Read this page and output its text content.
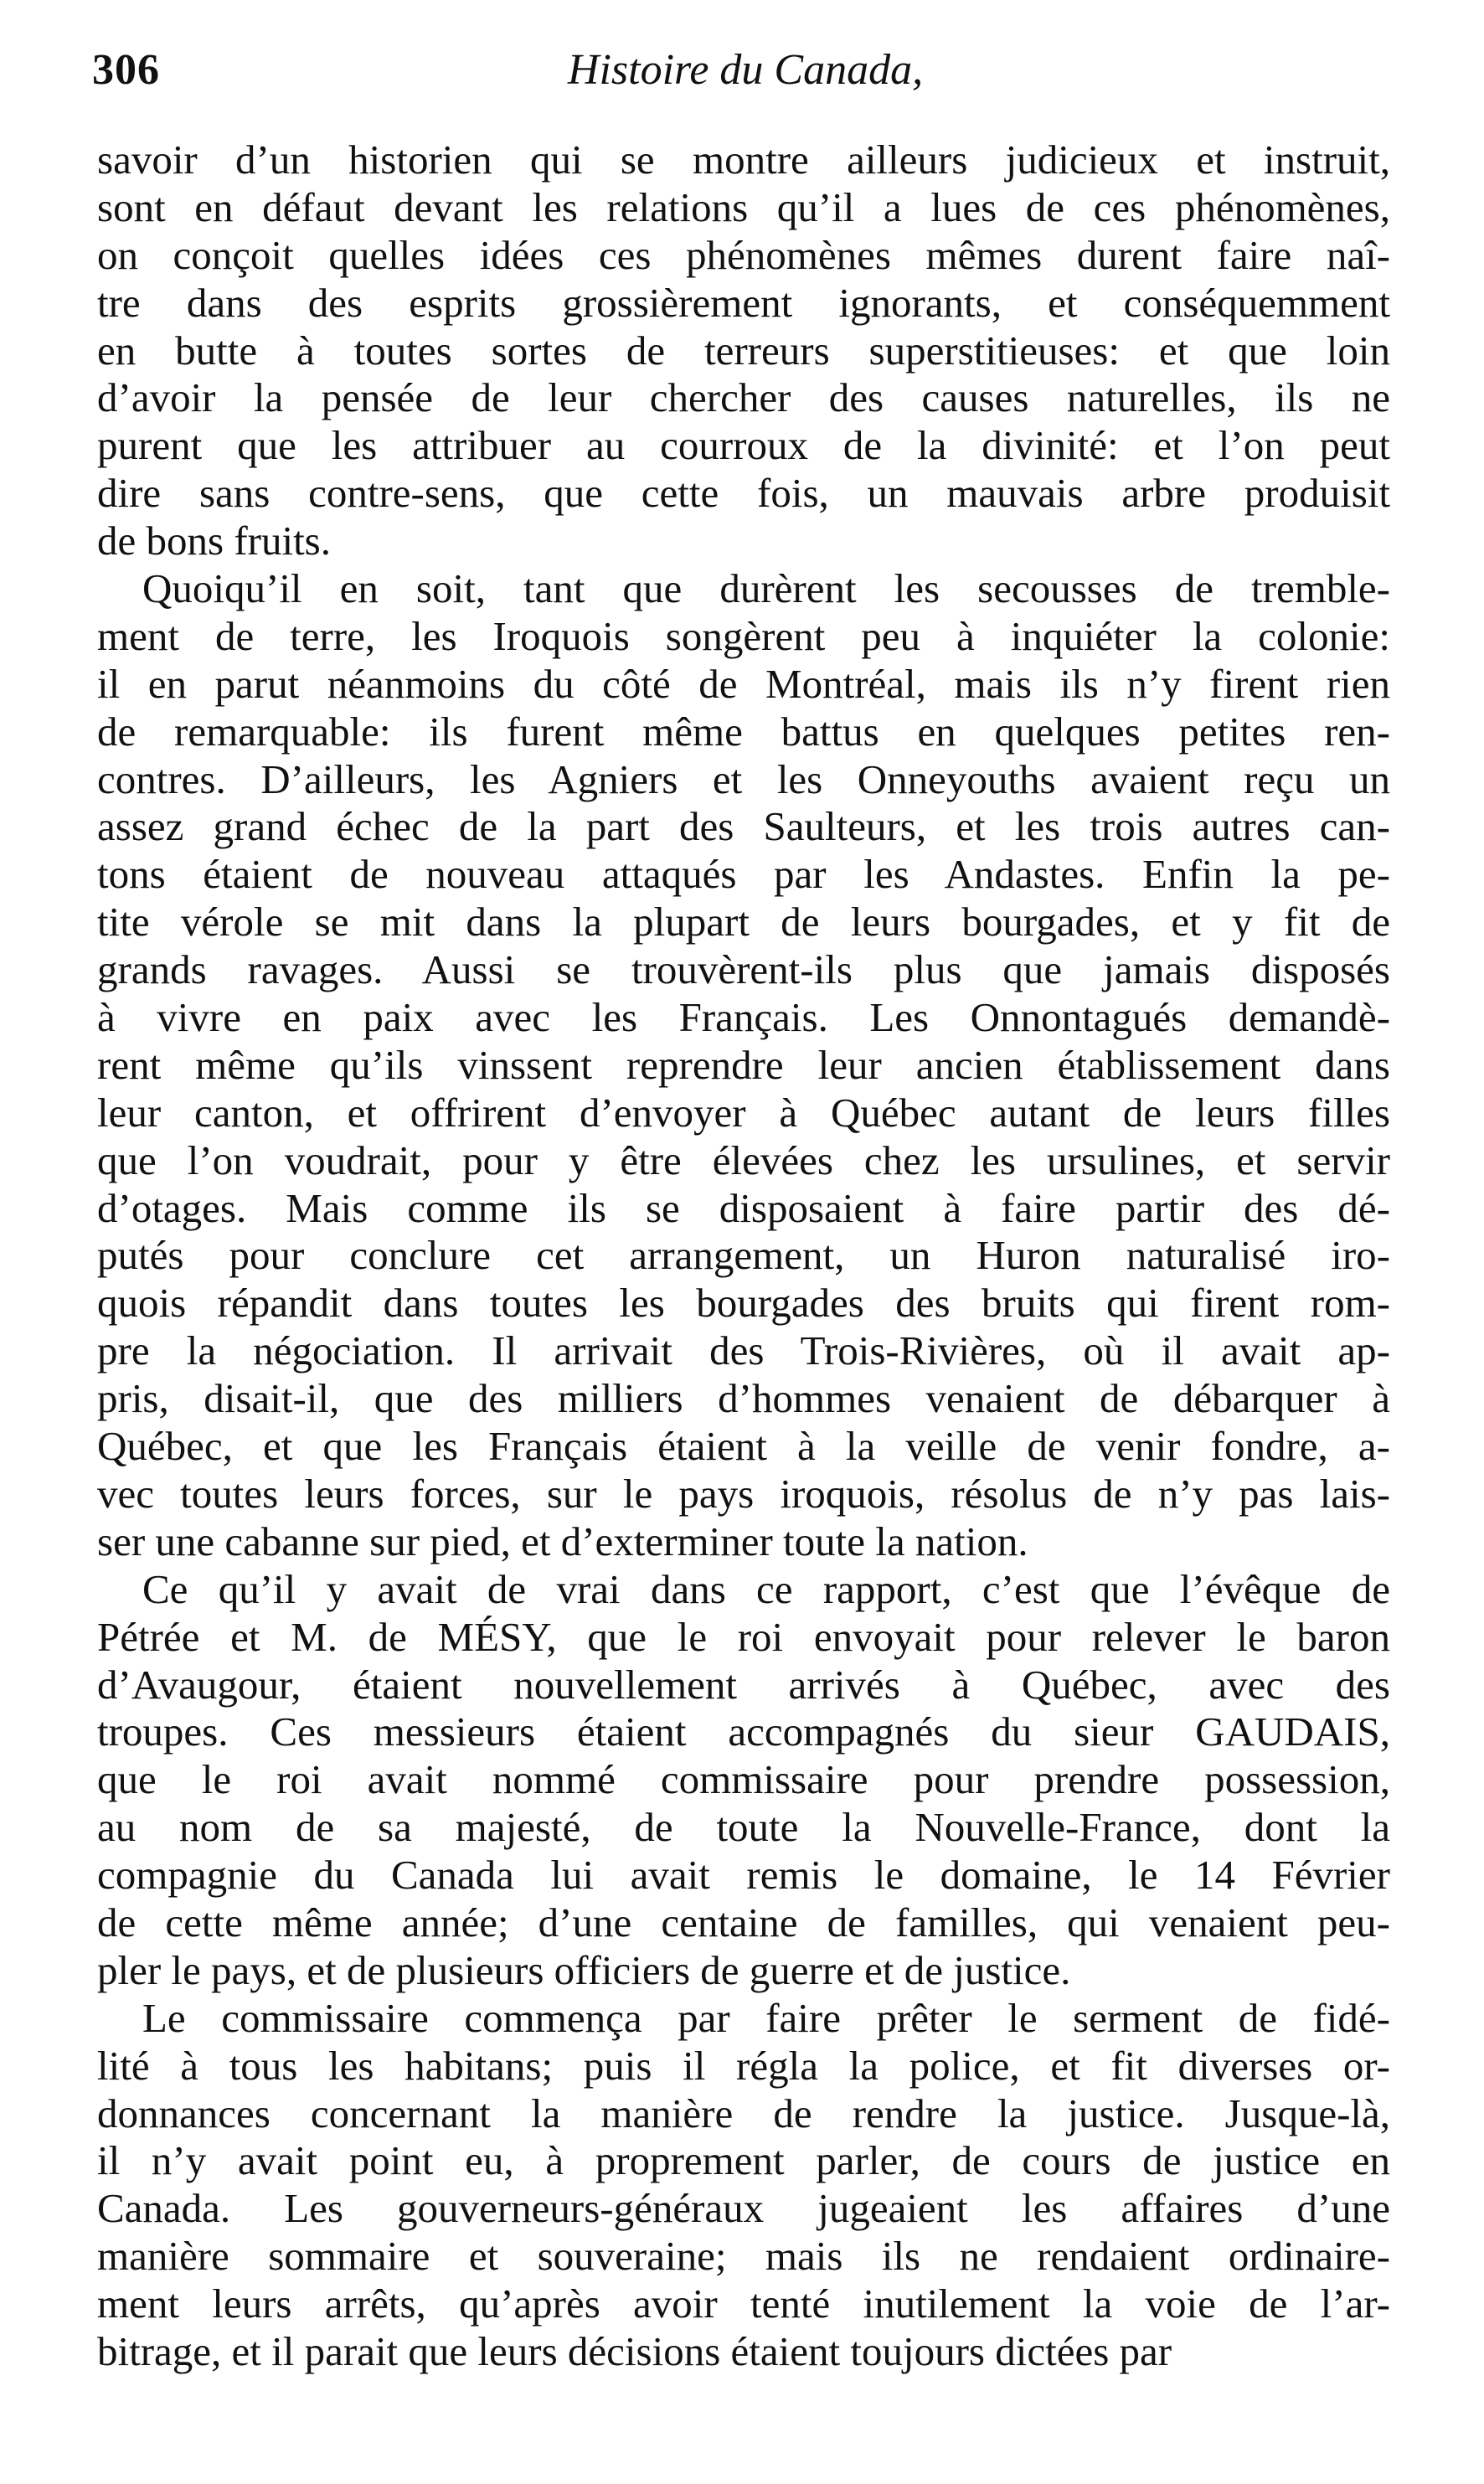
306	Histoire du Canada,
savoir d’un historien qui se montre ailleurs judicieux et instruit,
sont en défaut devant les relations qu’il a lues de ces phénomènes,
on conçoit quelles idées ces phénomènes mêmes durent faire naî-
tre dans des esprits grossièrement ignorants, et conséquemment
en butte à toutes sortes de terreurs superstitieuses: et que loin
d’avoir la pensée de leur chercher des causes naturelles, ils ne
purent que les attribuer au courroux de la divinité: et l’on peut
dire sans contre-sens, que cette fois, un mauvais arbre produisit
de bons fruits.
Quoiqu’il en soit, tant que durèrent les secousses de tremble-
ment de terre, les Iroquois songèrent peu à inquiéter la colonie:
il en parut néanmoins du côté de Montréal, mais ils n’y firent rien
de remarquable: ils furent même battus en quelques petites ren-
contres. D’ailleurs, les Agniers et les Onneyouths avaient reçu un
assez grand échec de la part des Saulteurs, et les trois autres can-
tons étaient de nouveau attaqués par les Andastes. Enfin la pe-
tite vérole se mit dans la plupart de leurs bourgades, et y fit de
grands ravages. Aussi se trouvèrent-ils plus que jamais disposés
à vivre en paix avec les Français. Les Onnontagués demandè-
rent même qu’ils vinssent reprendre leur ancien établissement dans
leur canton, et offrirent d’envoyer à Québec autant de leurs filles
que l’on voudrait, pour y être élevées chez les ursulines, et servir
d’otages. Mais comme ils se disposaient à faire partir des dé-
putés pour conclure cet arrangement, un Huron naturalisé iro-
quois répandit dans toutes les bourgades des bruits qui firent rom-
pre la négociation. Il arrivait des Trois-Rivières, où il avait ap-
pris, disait-il, que des milliers d’hommes venaient de débarquer à
Québec, et que les Français étaient à la veille de venir fondre, a-
vec toutes leurs forces, sur le pays iroquois, résolus de n’y pas lais-
ser une cabanne sur pied, et d’exterminer toute la nation.
Ce qu’il y avait de vrai dans ce rapport, c’est que l’évêque de
Pétrée et M. de MÉSY, que le roi envoyait pour relever le baron
d’Avaugour, étaient nouvellement arrivés à Québec, avec des
troupes. Ces messieurs étaient accompagnés du sieur GAUDAIS,
que le roi avait nommé commissaire pour prendre possession,
au nom de sa majesté, de toute la Nouvelle-France, dont la
compagnie du Canada lui avait remis le domaine, le 14 Février
de cette même année; d’une centaine de familles, qui venaient peu-
pler le pays, et de plusieurs officiers de guerre et de justice.
Le commissaire commença par faire prêter le serment de fidé-
lité à tous les habitans; puis il régla la police, et fit diverses or-
donnances concernant la manière de rendre la justice. Jusque-là,
il n’y avait point eu, à proprement parler, de cours de justice en
Canada. Les gouverneurs-généraux jugeaient les affaires d’une
manière sommaire et souveraine; mais ils ne rendaient ordinaire-
ment leurs arrêts, qu’après avoir tenté inutilement la voie de l’ar-
bitrage, et il parait que leurs décisions étaient toujours dictées par
